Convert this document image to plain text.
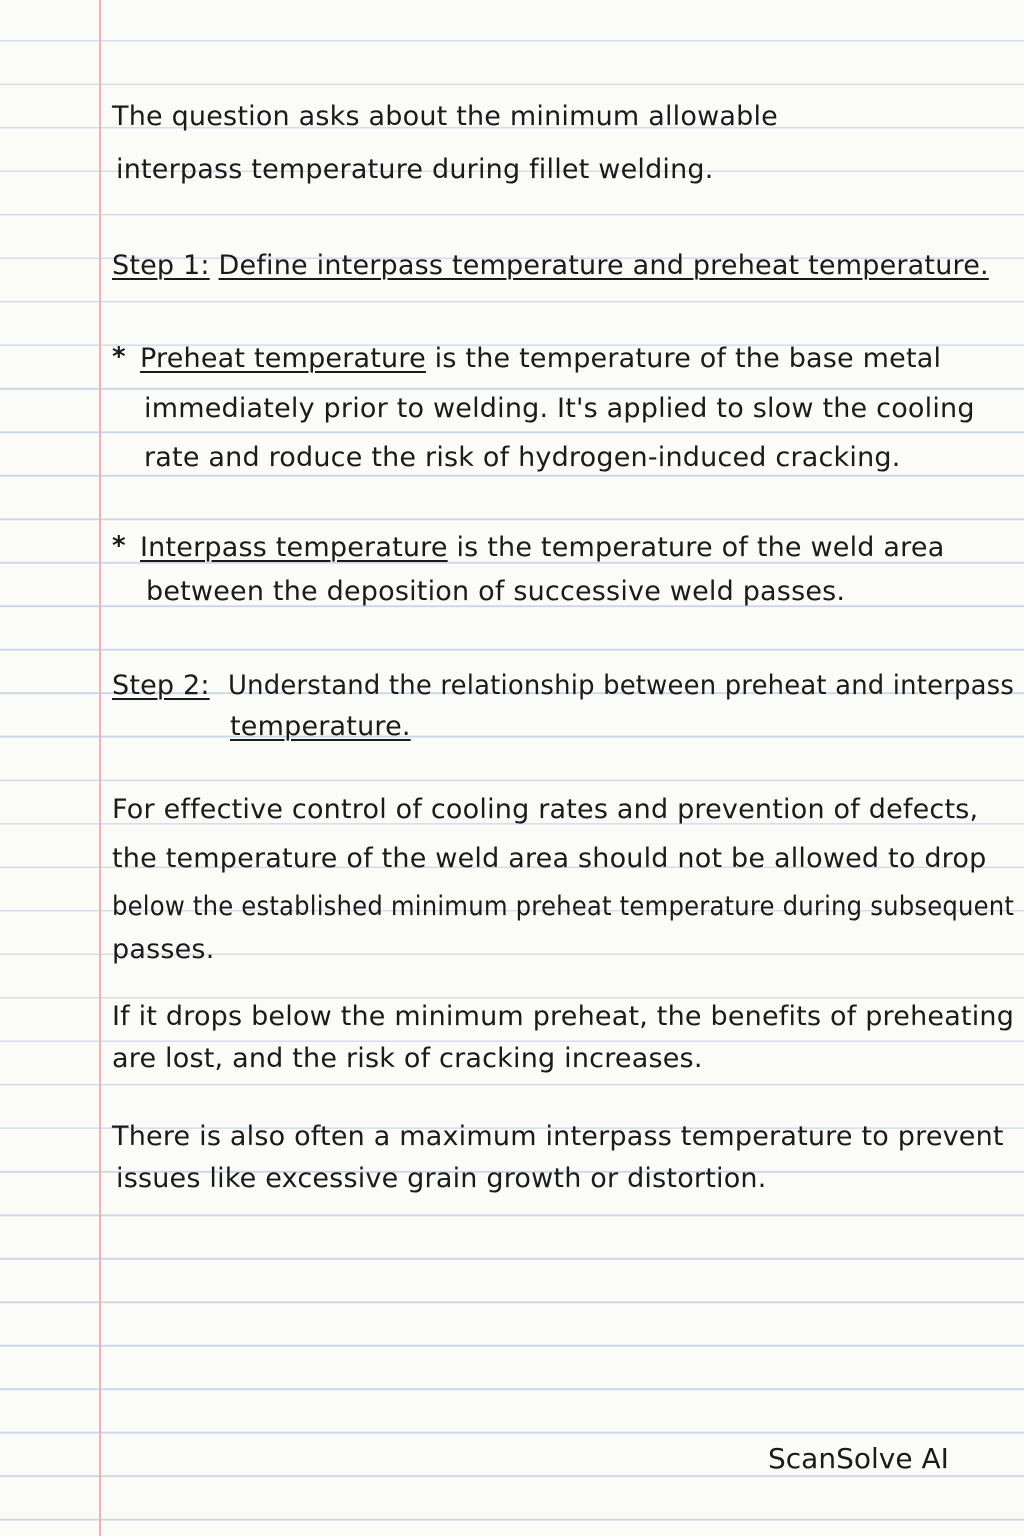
The question asks about the minimum allowable
interpass temperature during fillet welding.
Step 1: Define interpass temperature and preheat temperature.
* Preheat temperature is the temperature of the base metal
immediately prior to welding. It's applied to slow the cooling
rate and roduce the risk of hydrogen-induced cracking.
* Interpass temperature is the temperature of the weld area
between the deposition of successive weld passes.
Step 2: Understand the relationship between preheat and interpass
temperature.
For effective control of cooling rates and prevention of defects,
the temperature of the weld area should not be allowed to drop
below the established minimum preheat temperature during subsequent
passes.
If it drops below the minimum preheat, the benefits of preheating
are lost, and the risk of cracking increases.
There is also often a maximum interpass temperature to prevent
issues like excessive grain growth or distortion.
ScanSolve AI
